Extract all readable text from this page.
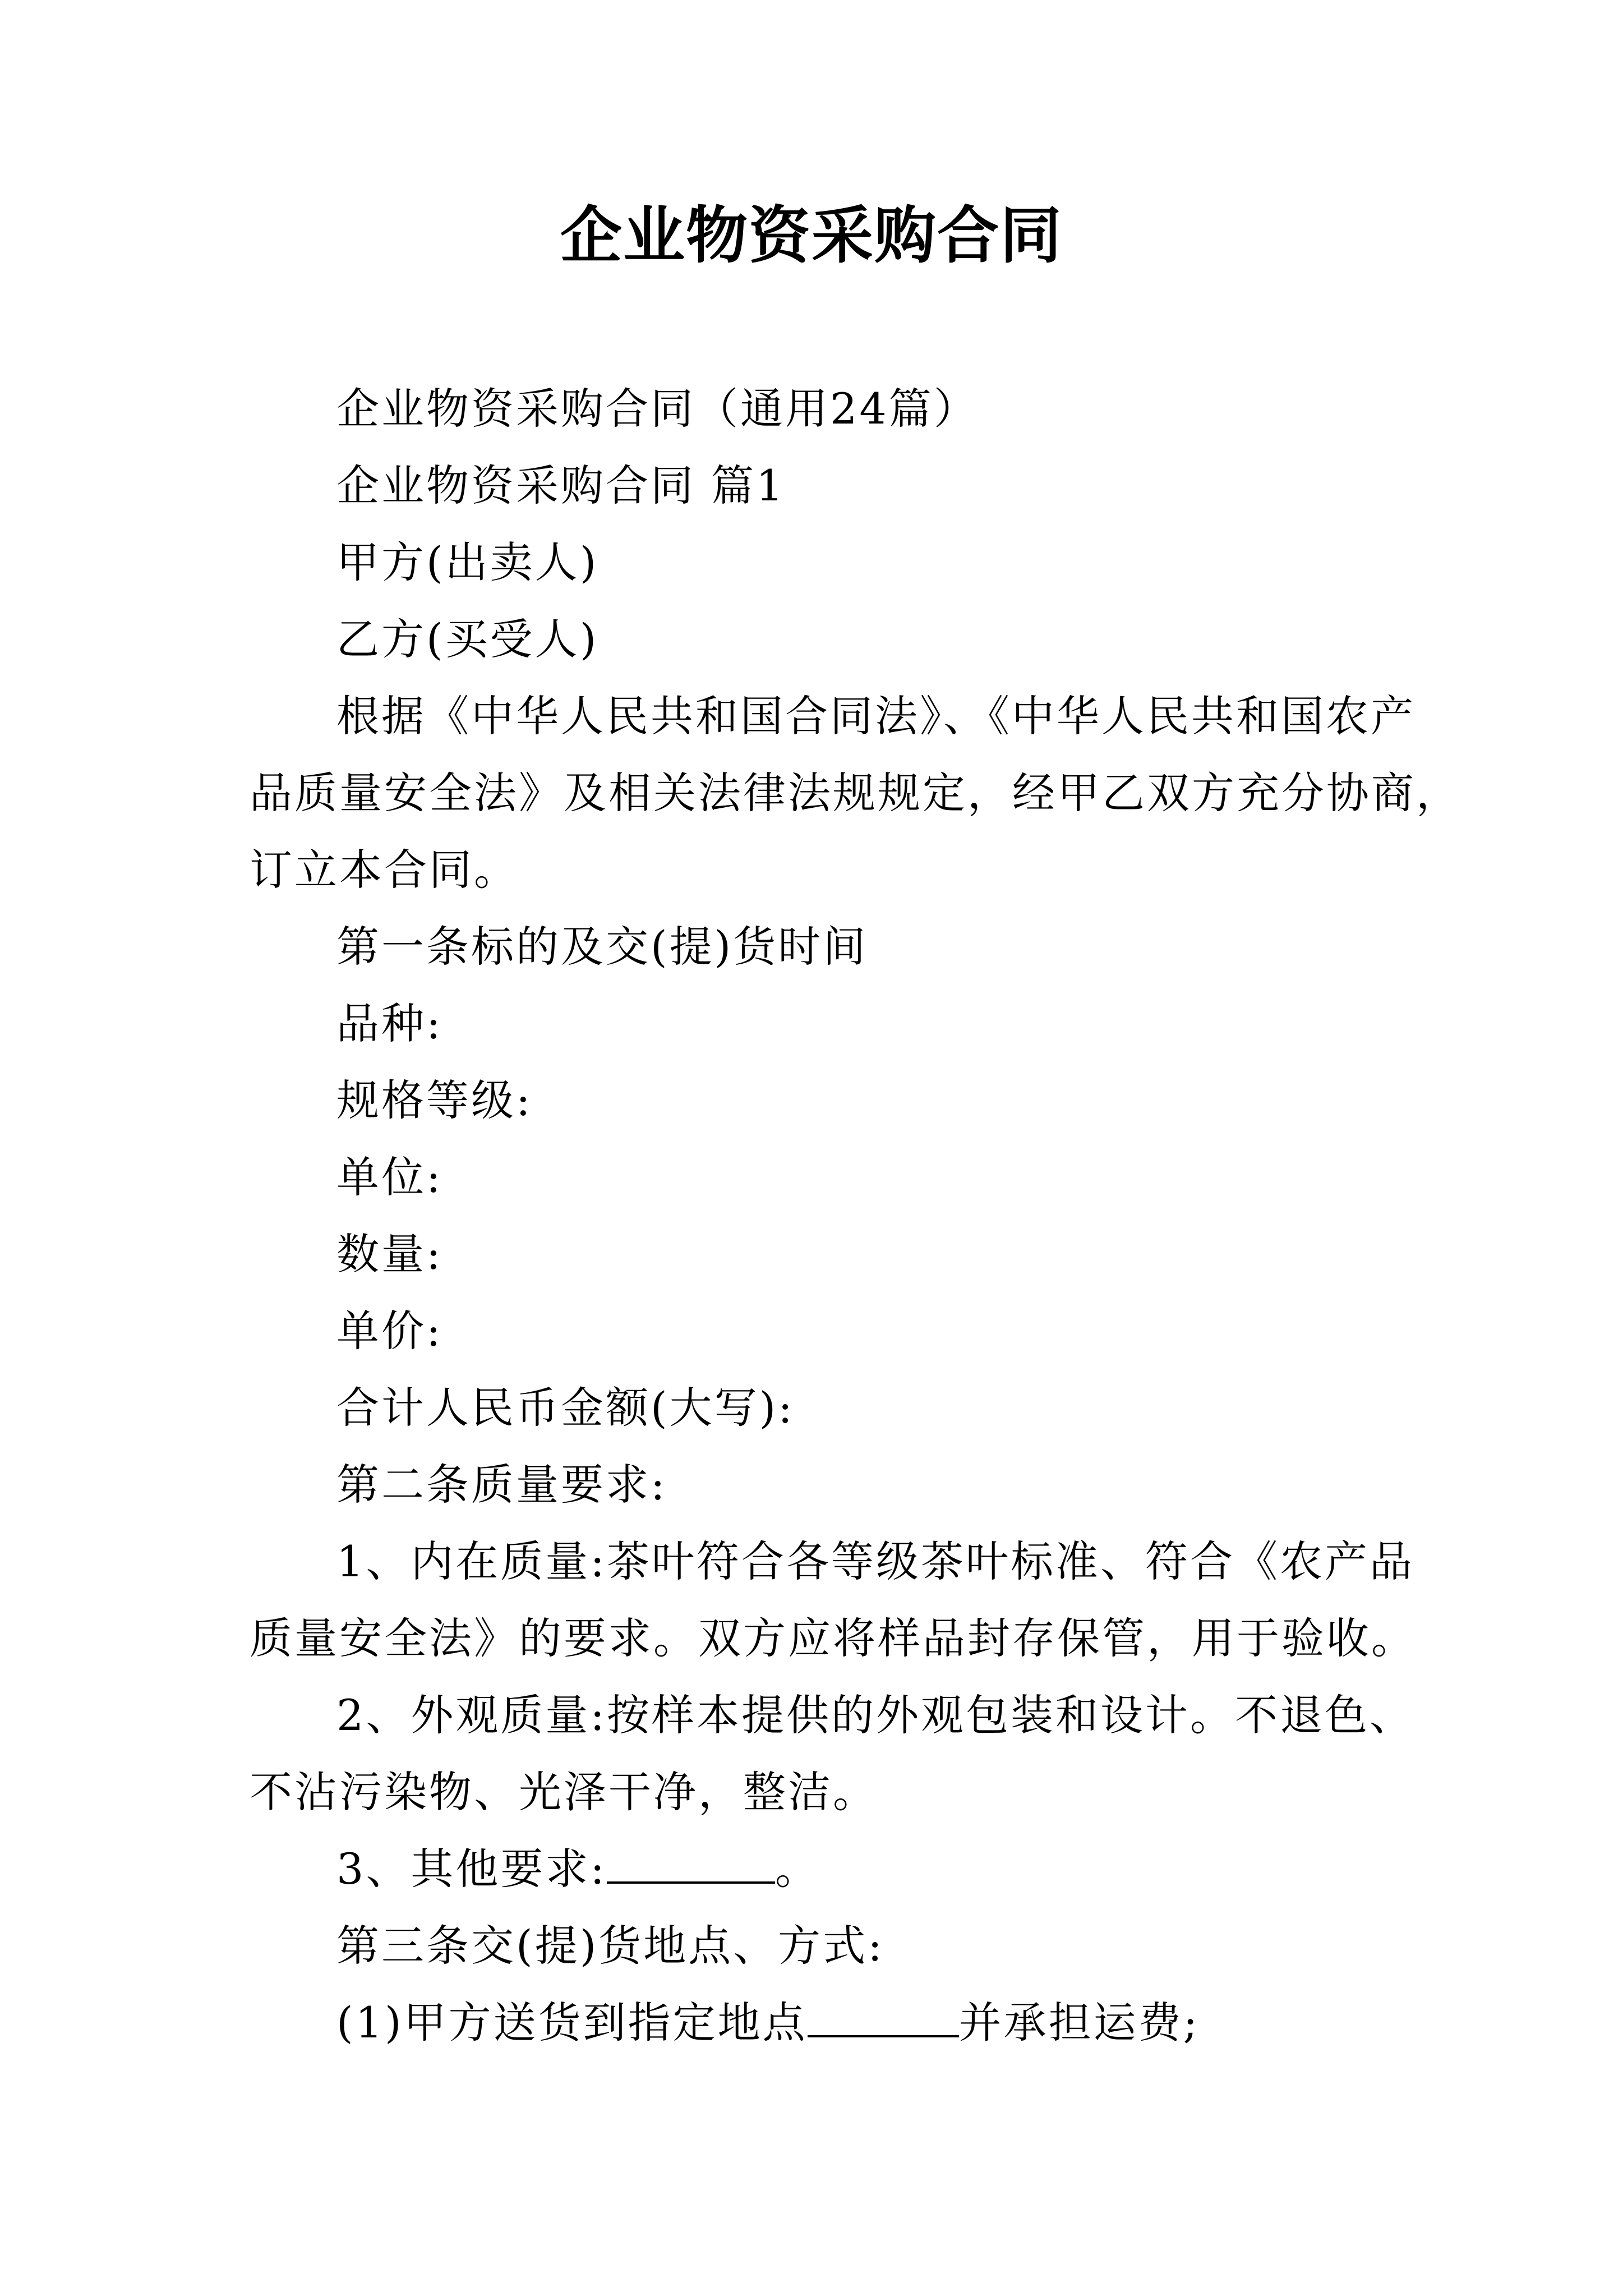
企业物资采购合同
企业物资采购合同（通用24篇）
企业物资采购合同 篇1
甲方(出卖人)
乙方(买受人)
根据《中华人民共和国合同法》、《中华人民共和国农产
品质量安全法》及相关法律法规规定，经甲乙双方充分协商，
订立本合同。
第一条标的及交(提)货时间
品种:
规格等级:
单位:
数量:
单价:
合计人民币金额(大写):
第二条质量要求:
1、内在质量:茶叶符合各等级茶叶标准、符合《农产品
质量安全法》的要求。双方应将样品封存保管，用于验收。
2、外观质量:按样本提供的外观包装和设计。不退色、
不沾污染物、光泽干净，整洁。
3、其他要求:	。
第三条交(提)货地点、方式:
(1)甲方送货到指定地点	并承担运费;
